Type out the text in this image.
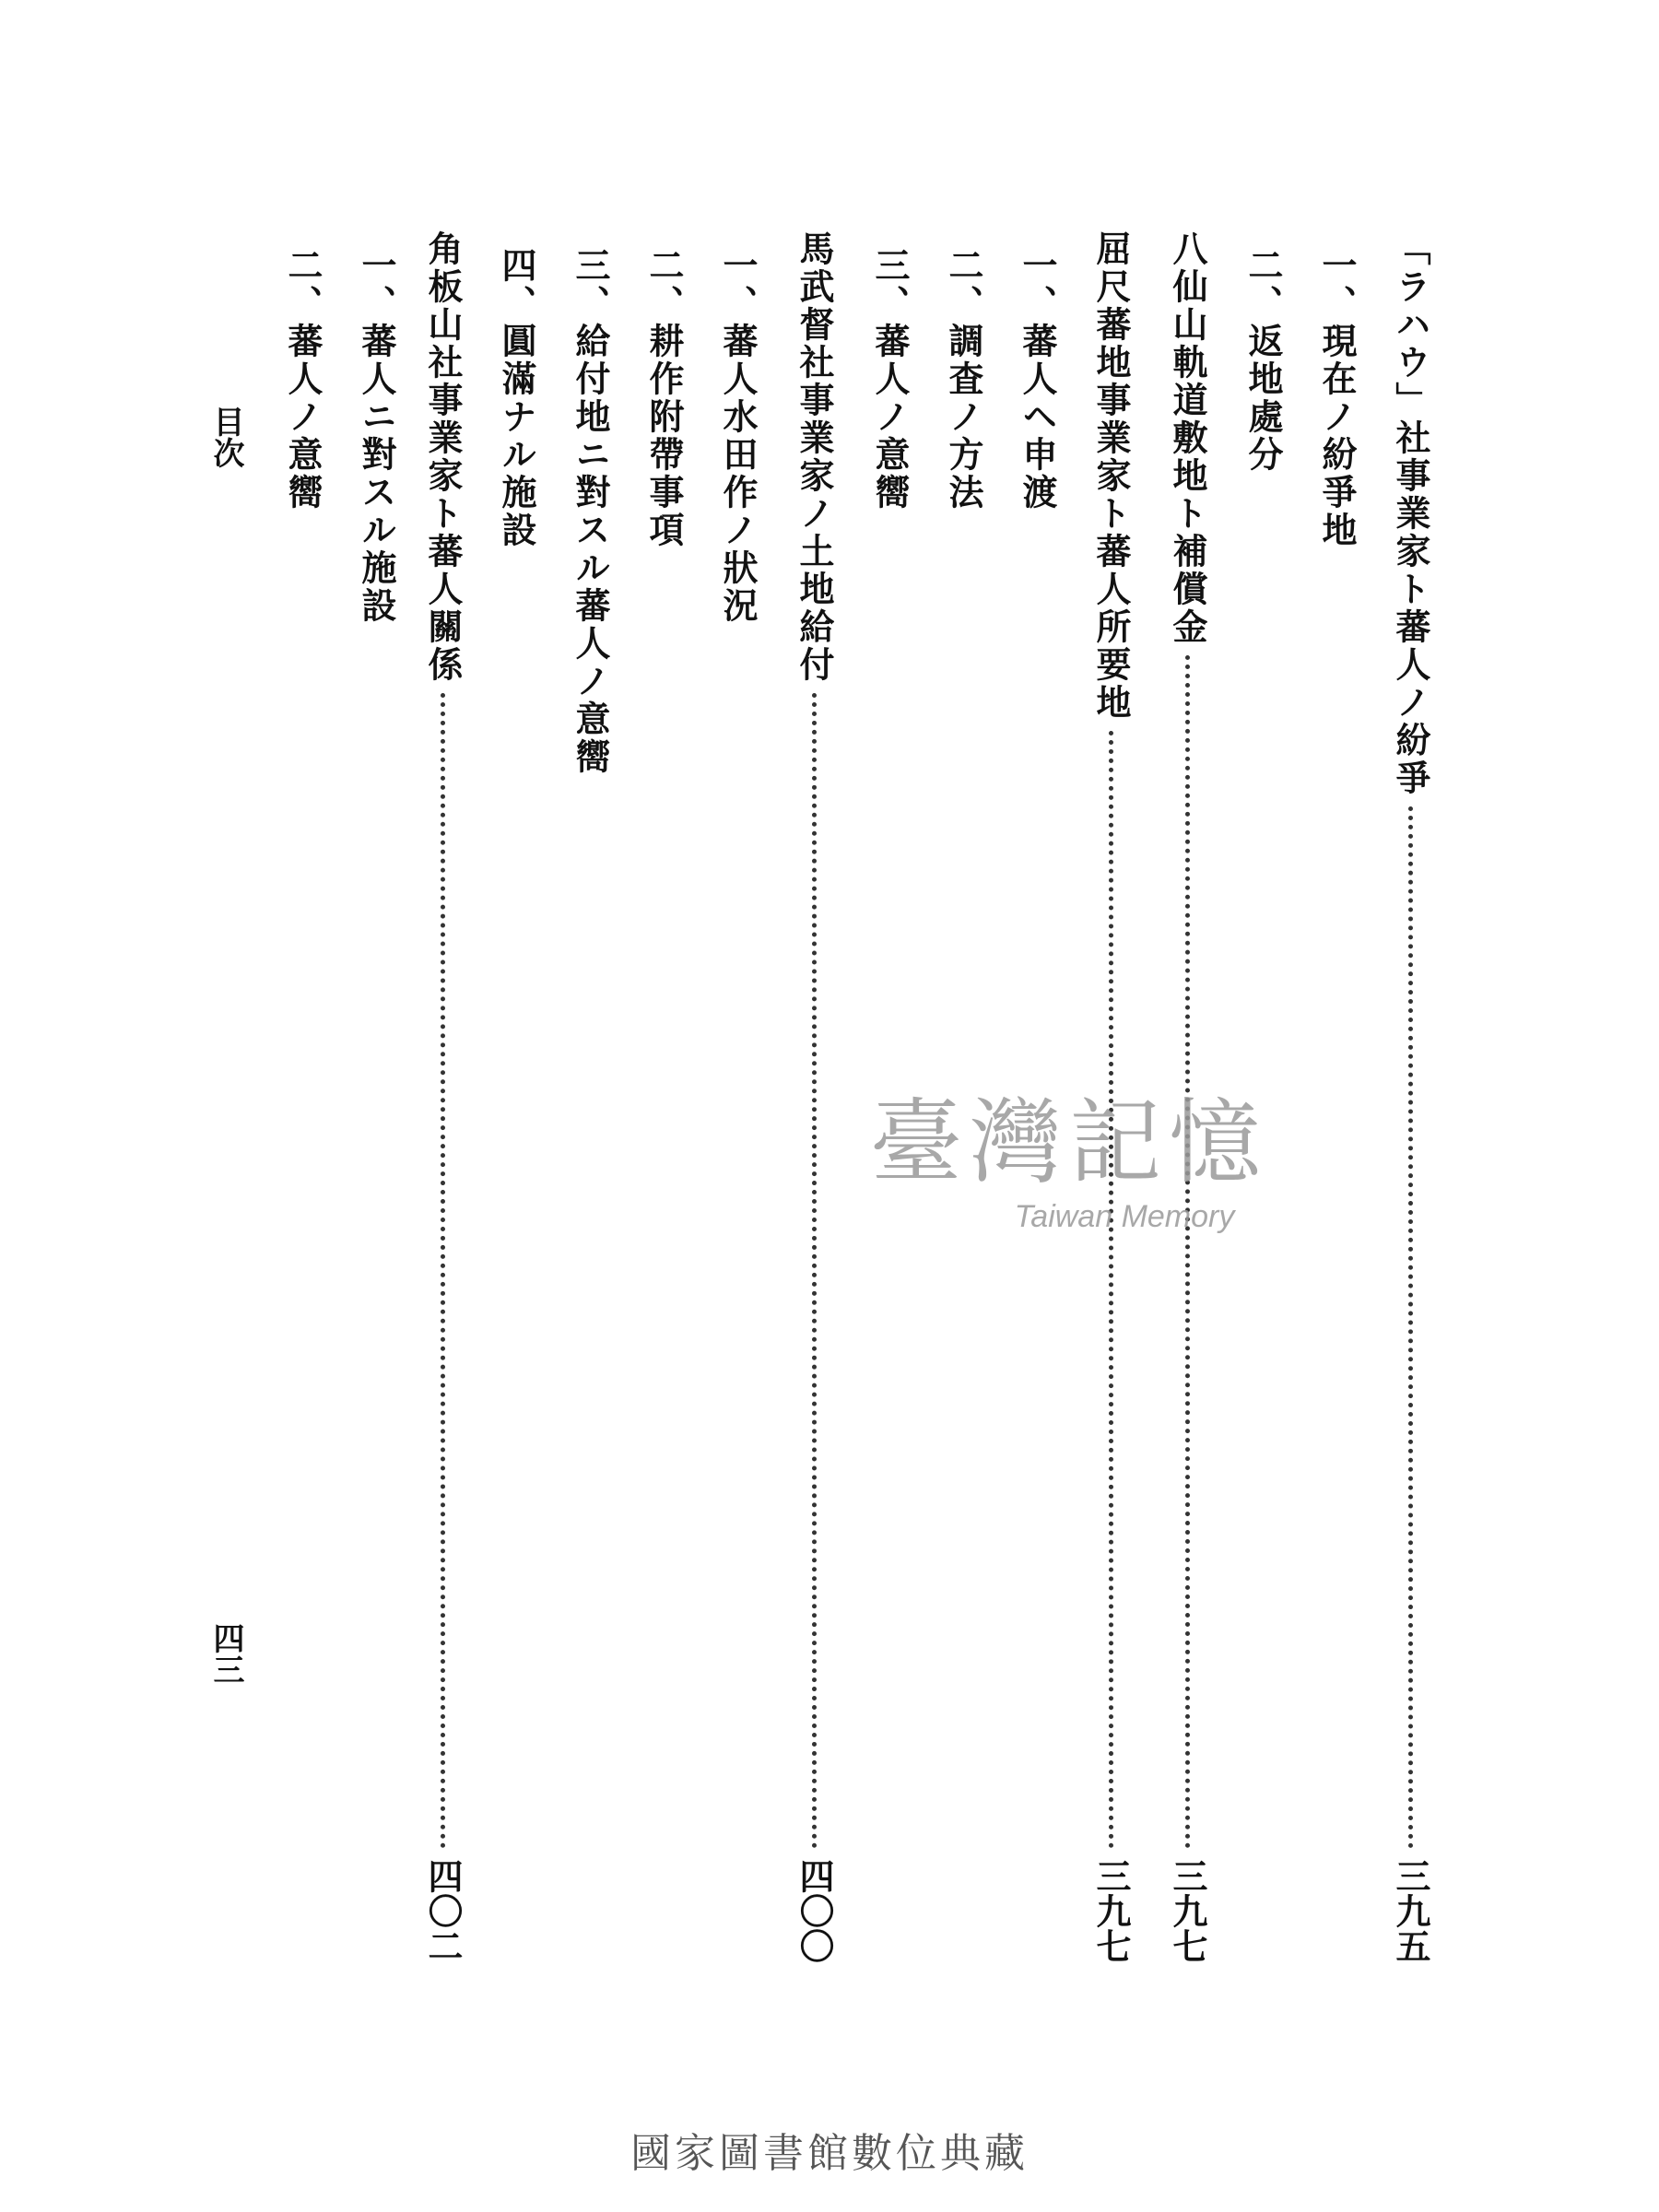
「ラハウ」社事業家ト蕃人ノ紛爭
三九五
一、現在ノ紛爭地
二、返地處分
八仙山軌道敷地ト補償金
三九七
屈尺蕃地事業家ト蕃人所要地
三九七
一、蕃人ヘ申渡
二、調査ノ方法
三、蕃人ノ意嚮
馬武督社事業家ノ土地給付
四〇〇
一、蕃人水田作ノ狀況
二、耕作附帶事項
三、給付地ニ對スル蕃人ノ意嚮
四、圓滿ナル施設
角板山社事業家ト蕃人關係
四〇二
一、蕃人ニ對スル施設
二、蕃人ノ意嚮
目次
四三
臺灣記憶
Taiwan Memory
國家圖書館數位典藏
